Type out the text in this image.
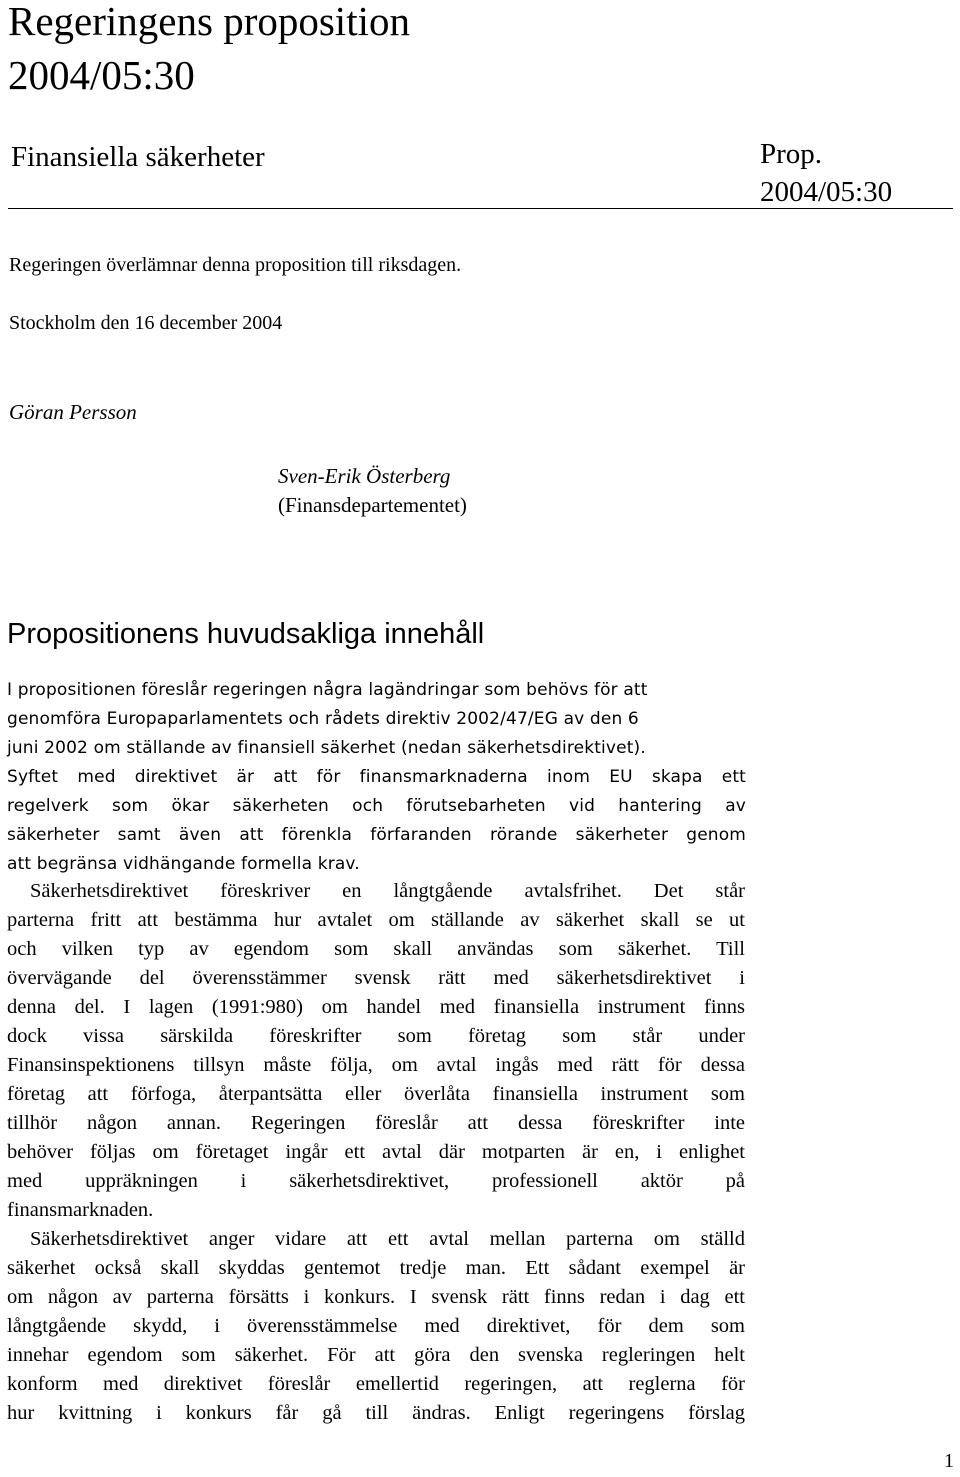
Regeringens proposition 2004/05:30
Finansiella säkerheter	Prop. 2004/05:30
Regeringen överlämnar denna proposition till riksdagen.
Stockholm den 16 december 2004
Göran Persson
Sven-Erik Österberg
(Finansdepartementet)
Propositionens huvudsakliga innehåll

I propositionen föreslår regeringen några lagändringar som behövs för att

genomföra Europaparlamentets och rådets direktiv 2002/47/EG av den 6

juni 2002 om ställande av finansiell säkerhet (nedan säkerhetsdirektivet).

Syftet med direktivet är att för finansmarknaderna inom EU skapa ett

regelverk som ökar säkerheten och förutsebarheten vid hantering av

säkerheter samt även att förenkla förfaranden rörande säkerheter genom

att begränsa vidhängande formella krav.

Säkerhetsdirektivet föreskriver en långtgående avtalsfrihet. Det står

parterna fritt att bestämma hur avtalet om ställande av säkerhet skall se ut

och vilken typ av egendom som skall användas som säkerhet. Till

övervägande del överensstämmer svensk rätt med säkerhetsdirektivet i

denna del. I lagen (1991:980) om handel med finansiella instrument finns

dock vissa särskilda föreskrifter som företag som står under

Finansinspektionens tillsyn måste följa, om avtal ingås med rätt för dessa

företag att förfoga, återpantsätta eller överlåta finansiella instrument som

tillhör någon annan. Regeringen föreslår att dessa föreskrifter inte

behöver följas om företaget ingår ett avtal där motparten är en, i enlighet

med uppräkningen i säkerhetsdirektivet, professionell aktör på

finansmarknaden.

Säkerhetsdirektivet anger vidare att ett avtal mellan parterna om ställd

säkerhet också skall skyddas gentemot tredje man. Ett sådant exempel är

om någon av parterna försätts i konkurs. I svensk rätt finns redan i dag ett

långtgående skydd, i överensstämmelse med direktivet, för dem som

innehar egendom som säkerhet. För att göra den svenska regleringen helt

konform med direktivet föreslår emellertid regeringen, att reglerna för

hur kvittning i konkurs får gå till ändras. Enligt regeringens förslag

1
